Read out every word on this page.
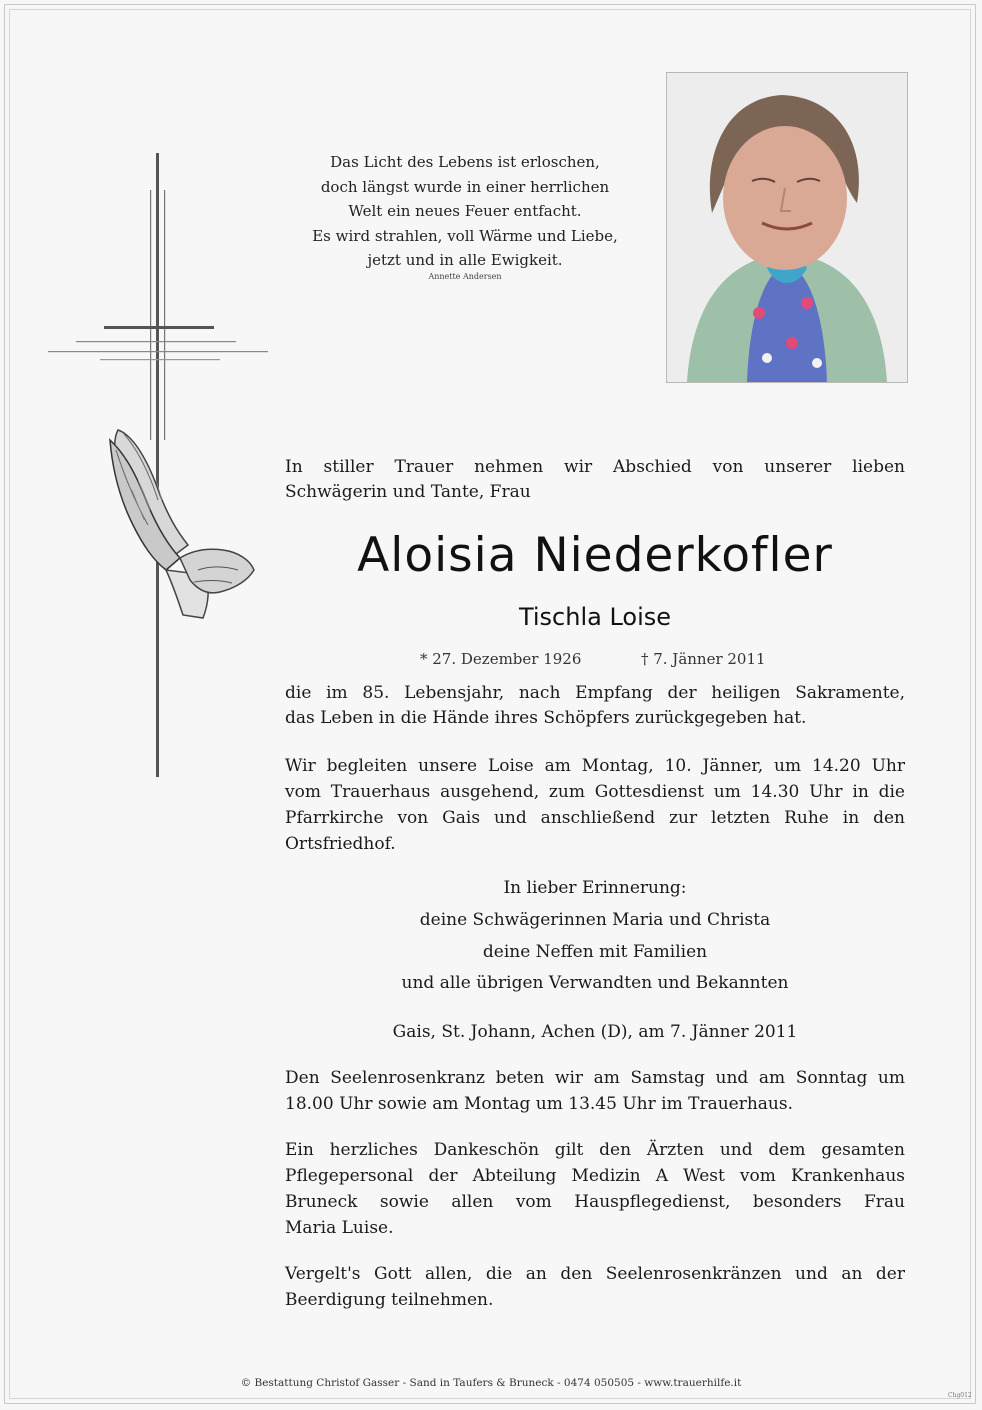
Das Licht des Lebens ist erloschen,
doch längst wurde in einer herrlichen
Welt ein neues Feuer entfacht.
Es wird strahlen, voll Wärme und Liebe,
jetzt und in alle Ewigkeit.
Annette Andersen
In stiller Trauer nehmen wir Abschied von unserer lieben
Schwägerin und Tante, Frau
Aloisia Niederkofler
Tischla Loise
* 27. Dezember 1926	† 7. Jänner 2011
die im 85. Lebensjahr, nach Empfang der heiligen Sakramente,
das Leben in die Hände ihres Schöpfers zurückgegeben hat.
Wir begleiten unsere Loise am Montag, 10. Jänner, um 14.20 Uhr
vom Trauerhaus ausgehend, zum Gottesdienst um 14.30 Uhr in die
Pfarrkirche von Gais und anschließend zur letzten Ruhe in den
Ortsfriedhof.
In lieber Erinnerung:
deine Schwägerinnen Maria und Christa
deine Neffen mit Familien
und alle übrigen Verwandten und Bekannten
Gais, St. Johann, Achen (D), am 7. Jänner 2011
Den Seelenrosenkranz beten wir am Samstag und am Sonntag um
18.00 Uhr sowie am Montag um 13.45 Uhr im Trauerhaus.
Ein herzliches Dankeschön gilt den Ärzten und dem gesamten
Pflegepersonal der Abteilung Medizin A West vom Krankenhaus
Bruneck sowie allen vom Hauspflegedienst, besonders Frau
Maria Luise.
Vergelt's Gott allen, die an den Seelenrosenkränzen und an der
Beerdigung teilnehmen.
© Bestattung Christof Gasser - Sand in Taufers & Bruneck - 0474 050505 - www.trauerhilfe.it
Chg012
